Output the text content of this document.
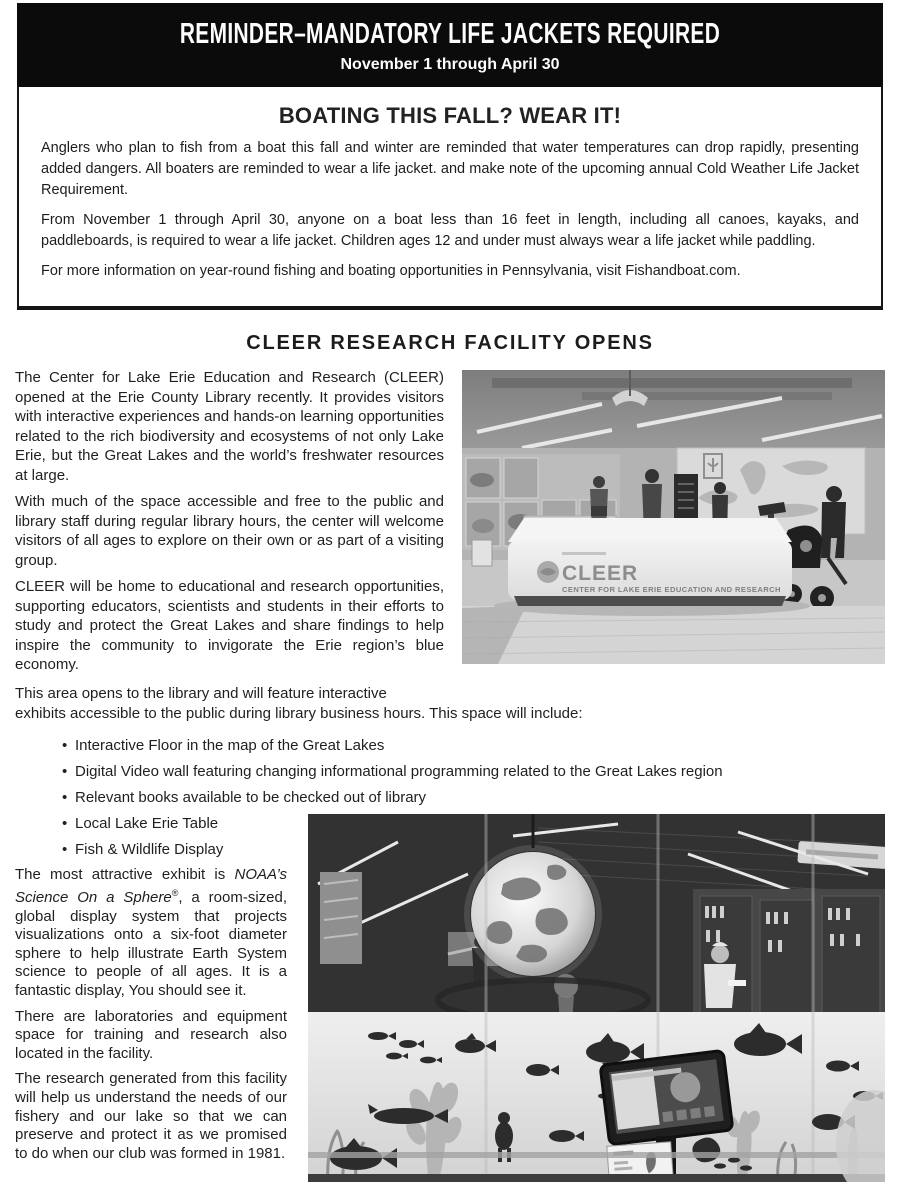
REMINDER–MANDATORY LIFE JACKETS REQUIRED
November 1 through April 30
BOATING THIS FALL? WEAR IT!

Anglers who plan to fish from a boat this fall and winter are reminded that water temperatures can drop rapidly, presenting added dangers. All boaters are reminded to wear a life jacket. and make note of the upcoming annual Cold Weather Life Jacket Requirement.

From November 1 through April 30, anyone on a boat less than 16 feet in length, including all canoes, kayaks, and paddleboards, is required to wear a life jacket. Children ages 12 and under must always wear a life jacket while paddling.

For more information on year-round fishing and boating opportunities in Pennsylvania, visit Fishandboat.com.

CLEER RESEARCH FACILITY OPENS
CLEER
CENTER FOR LAKE ERIE EDUCATION AND RESEARCH

The Center for Lake Erie Education and Research (CLEER) opened at the Erie County Library recently. It provides visitors with interactive experiences and hands-on learning opportunities related to the rich biodiversity and ecosystems of not only Lake Erie, but the Great Lakes and the world’s freshwater resources at large.

With much of the space accessible and free to the public and library staff during regular library hours, the center will welcome visitors of all ages to explore on their own or as part of a visiting group.

CLEER will be home to educational and research opportunities, supporting educators, scientists and students in their efforts to study and protect the Great Lakes and share findings to help inspire the community to invigorate the Erie region’s blue economy.

This area opens to the library and will feature interactive
exhibits accessible to the public during library business hours. This space will include:

• Interactive Floor in the map of the Great Lakes
• Digital Video wall featuring changing informational programming related to the Great Lakes region
• Relevant books available to be checked out of library
• Local Lake Erie Table
• Fish & Wildlife Display

The most attractive exhibit is NOAA’s Science On a Sphere®, a room-sized, global display system that projects visualizations onto a six-foot diameter sphere to help illustrate Earth System science to people of all ages. It is a fantastic display, You should see it.

There are laboratories and equipment space for training and research also located in the facility.

The research generated from this facility will help us understand the needs of our fishery and our lake so that we can preserve and protect it as we promised to do when our club was formed in 1981.
